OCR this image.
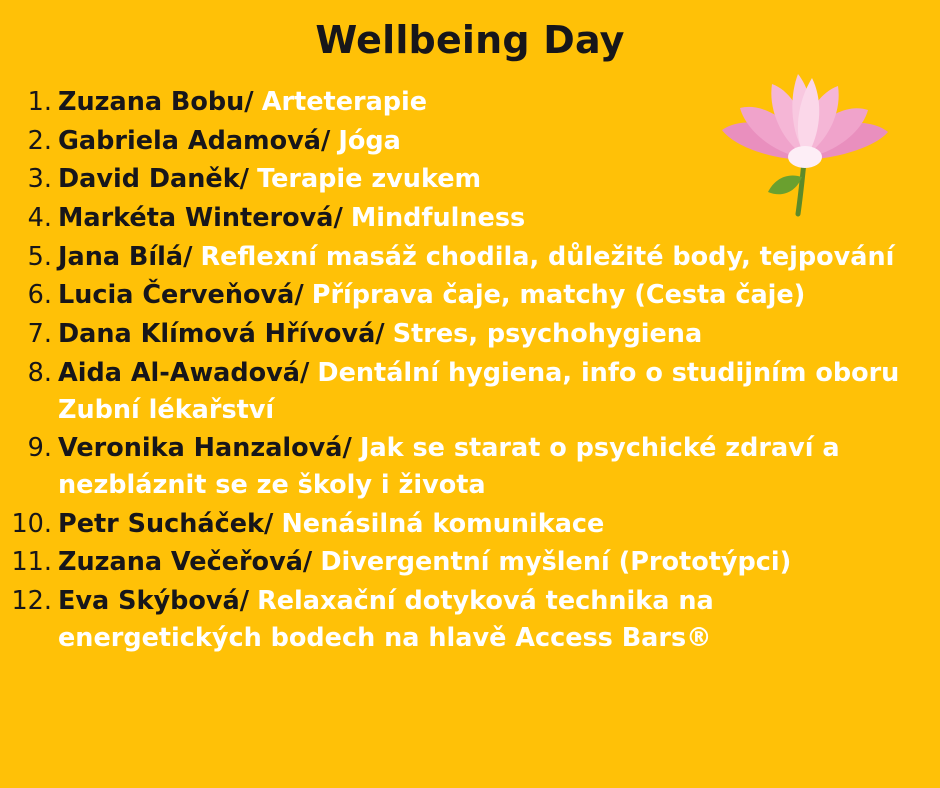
Wellbeing Day
Zuzana Bobu/ Arteterapie
Gabriela Adamová/ Jóga
David Daněk/ Terapie zvukem
Markéta Winterová/ Mindfulness
Jana Bílá/ Reflexní masáž chodila, důležité body, tejpování
Lucia Červeňová/ Příprava čaje, matchy (Cesta čaje)
Dana Klímová Hřívová/ Stres, psychohygiena
Aida Al-Awadová/ Dentální hygiena, info o studijním oboru Zubní lékařství
Veronika Hanzalová/ Jak se starat o psychické zdraví a nezbláznit se ze školy i života
Petr Sucháček/ Nenásilná komunikace
Zuzana Večeřová/ Divergentní myšlení (Prototýpci)
Eva Skýbová/ Relaxační dotyková technika na energetických bodech na hlavě Access Bars®
